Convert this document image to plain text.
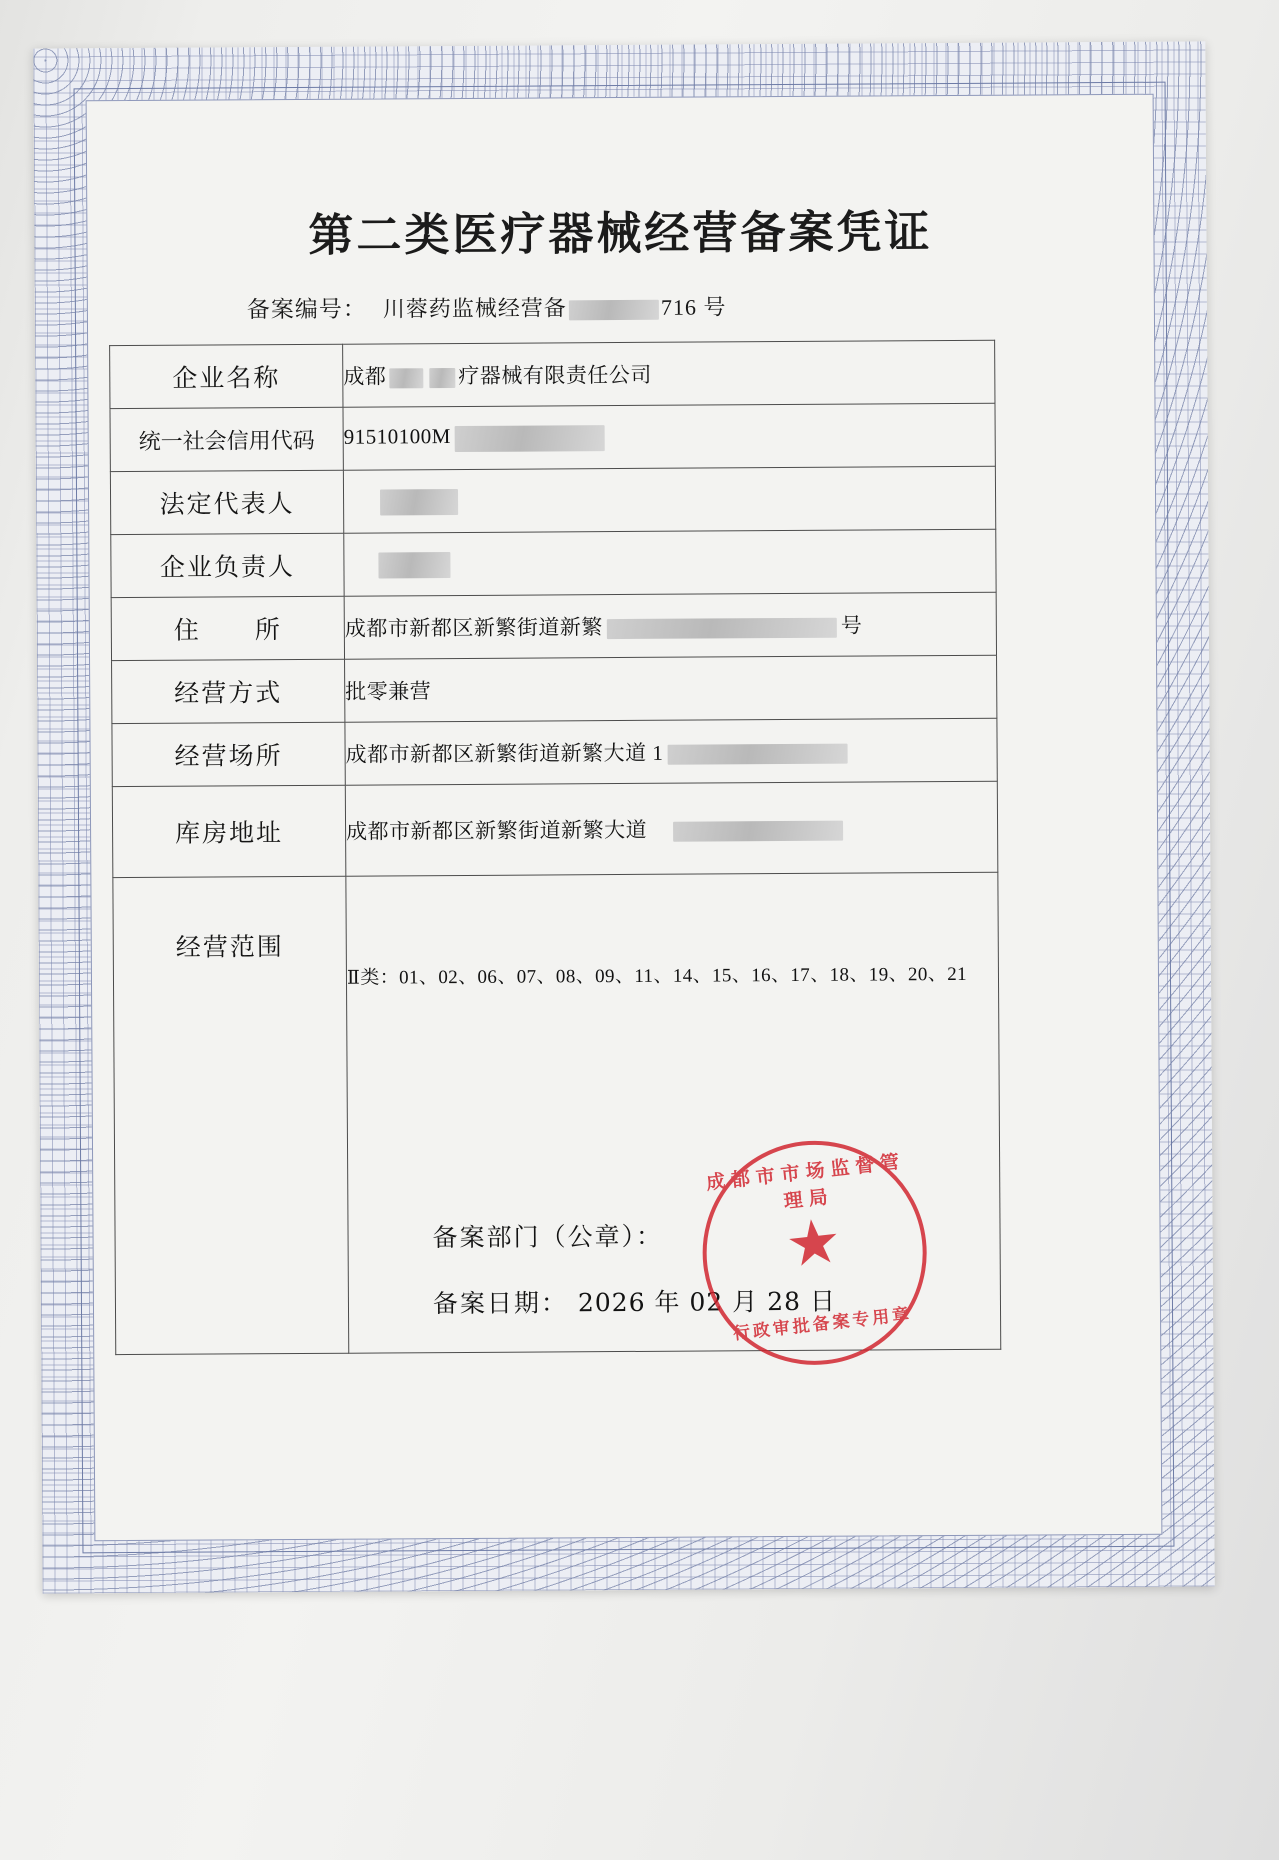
第二类医疗器械经营备案凭证
备案编号： 川蓉药监械经营备	716 号
企业名称	成都 疗器械有限责任公司
统一社会信用代码	91510100M
法定代表人	
企业负责人	
住　　所	成都市新都区新繁街道新繁 号
经营方式	批零兼营
经营场所	成都市新都区新繁街道新繁大道 1
库房地址	成都市新都区新繁街道新繁大道
经营范围	Ⅱ类：01、02、06、07、08、09、11、14、15、16、17、18、19、20、21
备案部门（公章）：
备案日期： 2026 年 02 月 28 日
成都市市场监督管理局
★
行政审批备案专用章
